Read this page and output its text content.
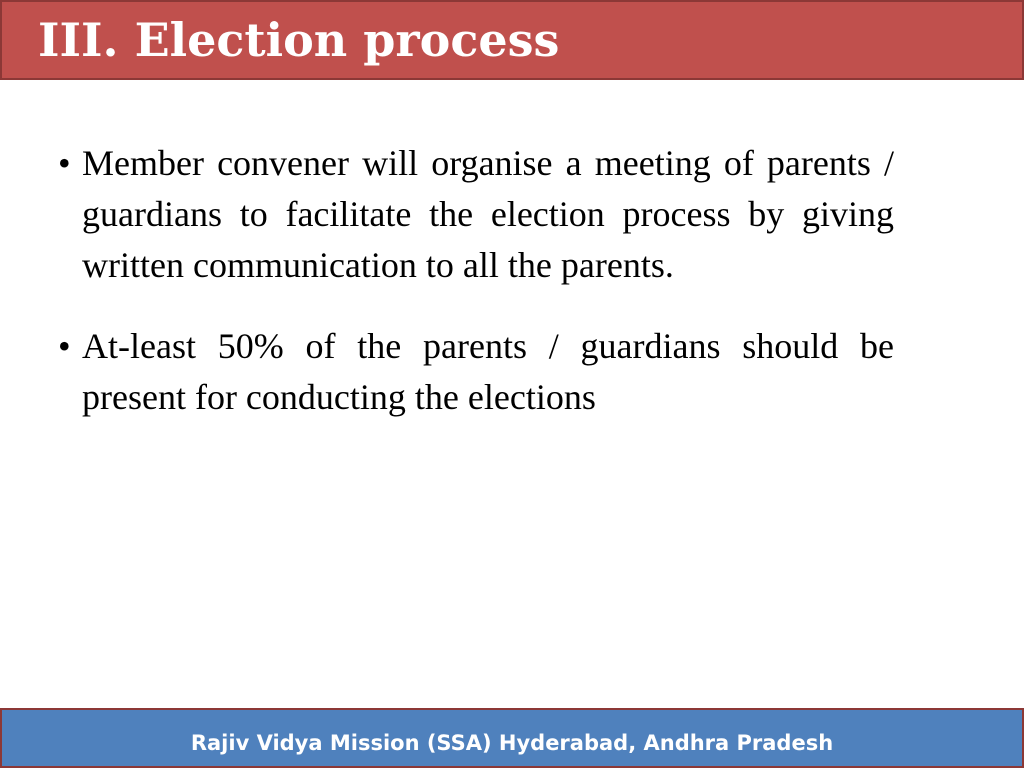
III. Election process
• Member convener will organise a meeting of parents / guardians to facilitate the election process by giving written communication to all the parents.
• At-least 50% of the parents / guardians should be present for conducting the elections
Rajiv Vidya Mission (SSA) Hyderabad, Andhra Pradesh
